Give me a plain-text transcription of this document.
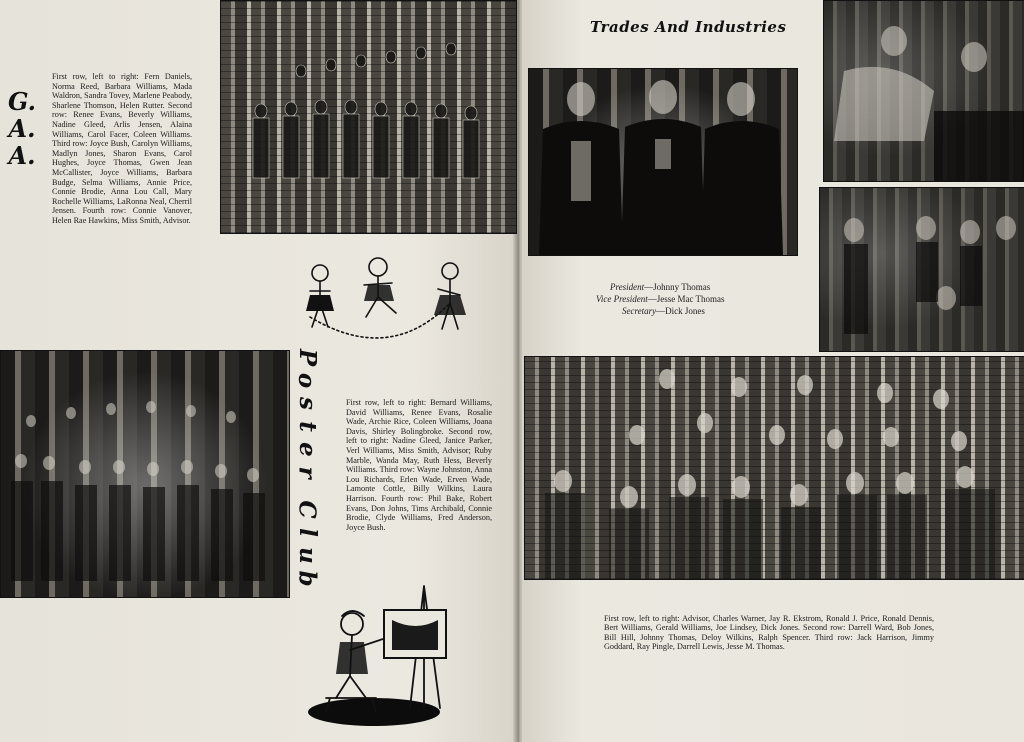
G.
A.
A.
First row, left to right: Fern Daniels, Norma Reed, Barbara Williams, Mada Waldron, Sandra Tovey, Marlene Peabody, Sharlene Thomson, Helen Rutter. Second row: Renee Evans, Beverly Williams, Nadine Gleed, Arlis Jensen, Alaina Williams, Carol Facer, Coleen Williams. Third row: Joyce Bush, Carolyn Williams, Madlyn Jones, Sharon Evans, Carol Hughes, Joyce Thomas, Gwen Jean McCallister, Joyce Williams, Barbara Budge, Selma Williams, Annie Price, Connie Brodie, Anna Lou Call, Mary Rochelle Williams, LaRonna Neal, Cherril Jensen. Fourth row: Connie Vanover, Helen Rae Hawkins, Miss Smith, Advisor.
P
o
s
t
e
r
C
l
u
b
First row, left to right: Bernard Williams, David Williams, Renee Evans, Rosalie Wade, Archie Rice, Coleen Williams, Joana Davis, Shirley Bolingbroke. Second row, left to right: Nadine Gleed, Janice Parker, Verl Williams, Miss Smith, Advisor; Ruby Marble, Wanda May, Ruth Hess, Beverly Williams. Third row: Wayne Johnston, Anna Lou Richards, Erlen Wade, Erven Wade, Lamonte Cottle, Billy Wilkins, Laura Harrison. Fourth row: Phil Bake, Robert Evans, Don Johns, Tims Archibald, Connie Brodie, Clyde Williams, Fred Anderson, Joyce Bush.
Trades And Industries
President—Johnny Thomas
Vice President—Jesse Mac Thomas
Secretary—Dick Jones
First row, left to right: Advisor, Charles Warner, Jay R. Ekstrom, Ronald J. Price, Ronald Dennis, Bert Williams, Gerald Williams, Joe Lindsey, Dick Jones. Second row: Darrell Ward, Bob Jones, Bill Hill, Johnny Thomas, Deloy Wilkins, Ralph Spencer. Third row: Jack Harrison, Jimmy Goddard, Ray Pingle, Darrell Lewis, Jesse M. Thomas.
